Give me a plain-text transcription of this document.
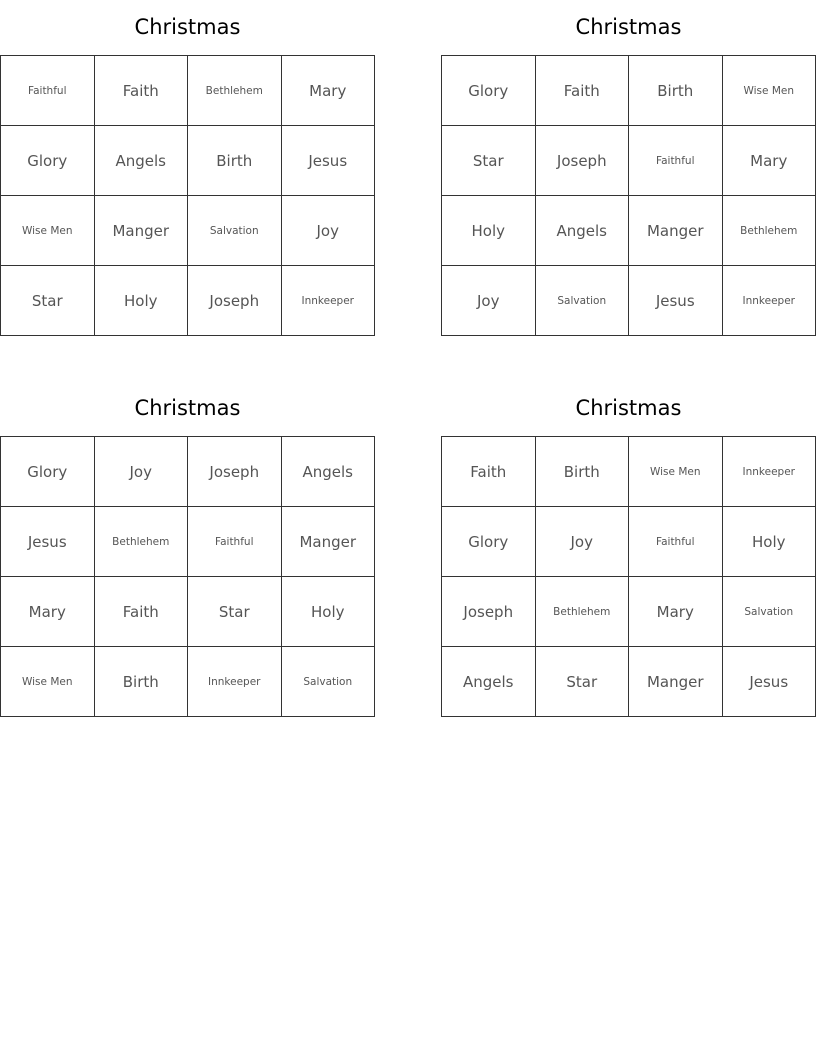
Christmas
Faithful	Faith	Bethlehem	Mary
Glory	Angels	Birth	Jesus
Wise Men	Manger	Salvation	Joy
Star	Holy	Joseph	Innkeeper
Christmas
Glory	Faith	Birth	Wise Men
Star	Joseph	Faithful	Mary
Holy	Angels	Manger	Bethlehem
Joy	Salvation	Jesus	Innkeeper
Christmas
Glory	Joy	Joseph	Angels
Jesus	Bethlehem	Faithful	Manger
Mary	Faith	Star	Holy
Wise Men	Birth	Innkeeper	Salvation
Christmas
Faith	Birth	Wise Men	Innkeeper
Glory	Joy	Faithful	Holy
Joseph	Bethlehem	Mary	Salvation
Angels	Star	Manger	Jesus
